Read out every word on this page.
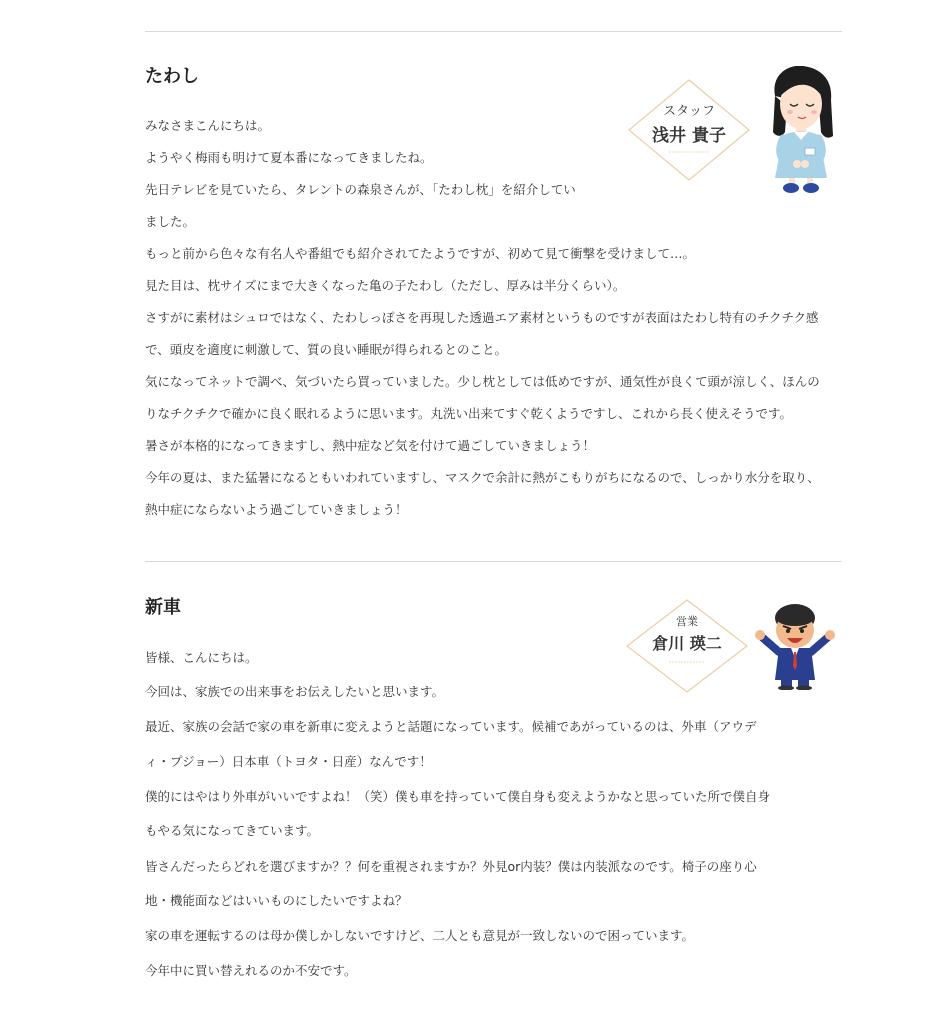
たわし

みなさまこんにちは。

ようやく梅雨も明けて夏本番になってきましたね。

先日テレビを見ていたら、タレントの森泉さんが、「たわし枕」を紹介してい

ました。

もっと前から色々な有名人や番組でも紹介されてたようですが、初めて見て衝撃を受けまして…。

見た目は、枕サイズにまで大きくなった亀の子たわし（ただし、厚みは半分くらい）。

さすがに素材はシュロではなく、たわしっぽさを再現した透過エア素材というものですが表面はたわし特有のチクチク感

で、頭皮を適度に刺激して、質の良い睡眠が得られるとのこと。

気になってネットで調べ、気づいたら買っていました。少し枕としては低めですが、通気性が良くて頭が涼しく、ほんの

りなチクチクで確かに良く眠れるように思います。丸洗い出来てすぐ乾くようですし、これから長く使えそうです。

暑さが本格的になってきますし、熱中症など気を付けて過ごしていきましょう！

今年の夏は、また猛暑になるともいわれていますし、マスクで余計に熱がこもりがちになるので、しっかり水分を取り、

熱中症にならないよう過ごしていきましょう！

スタッフ
浅井 貴子
新車

皆様、こんにちは。

今回は、家族での出来事をお伝えしたいと思います。

最近、家族の会話で家の車を新車に変えようと話題になっています。候補であがっているのは、外車（アウデ

ィ・プジョー）日本車（トヨタ・日産）なんです！

僕的にはやはり外車がいいですよね！（笑）僕も車を持っていて僕自身も変えようかなと思っていた所で僕自身

もやる気になってきています。

皆さんだったらどれを選びますか？？何を重視されますか？外見or内装？僕は内装派なのです。椅子の座り心

地・機能面などはいいものにしたいですよね？

家の車を運転するのは母か僕しかしないですけど、二人とも意見が一致しないので困っています。

今年中に買い替えれるのか不安です。

営業
倉川 瑛二
